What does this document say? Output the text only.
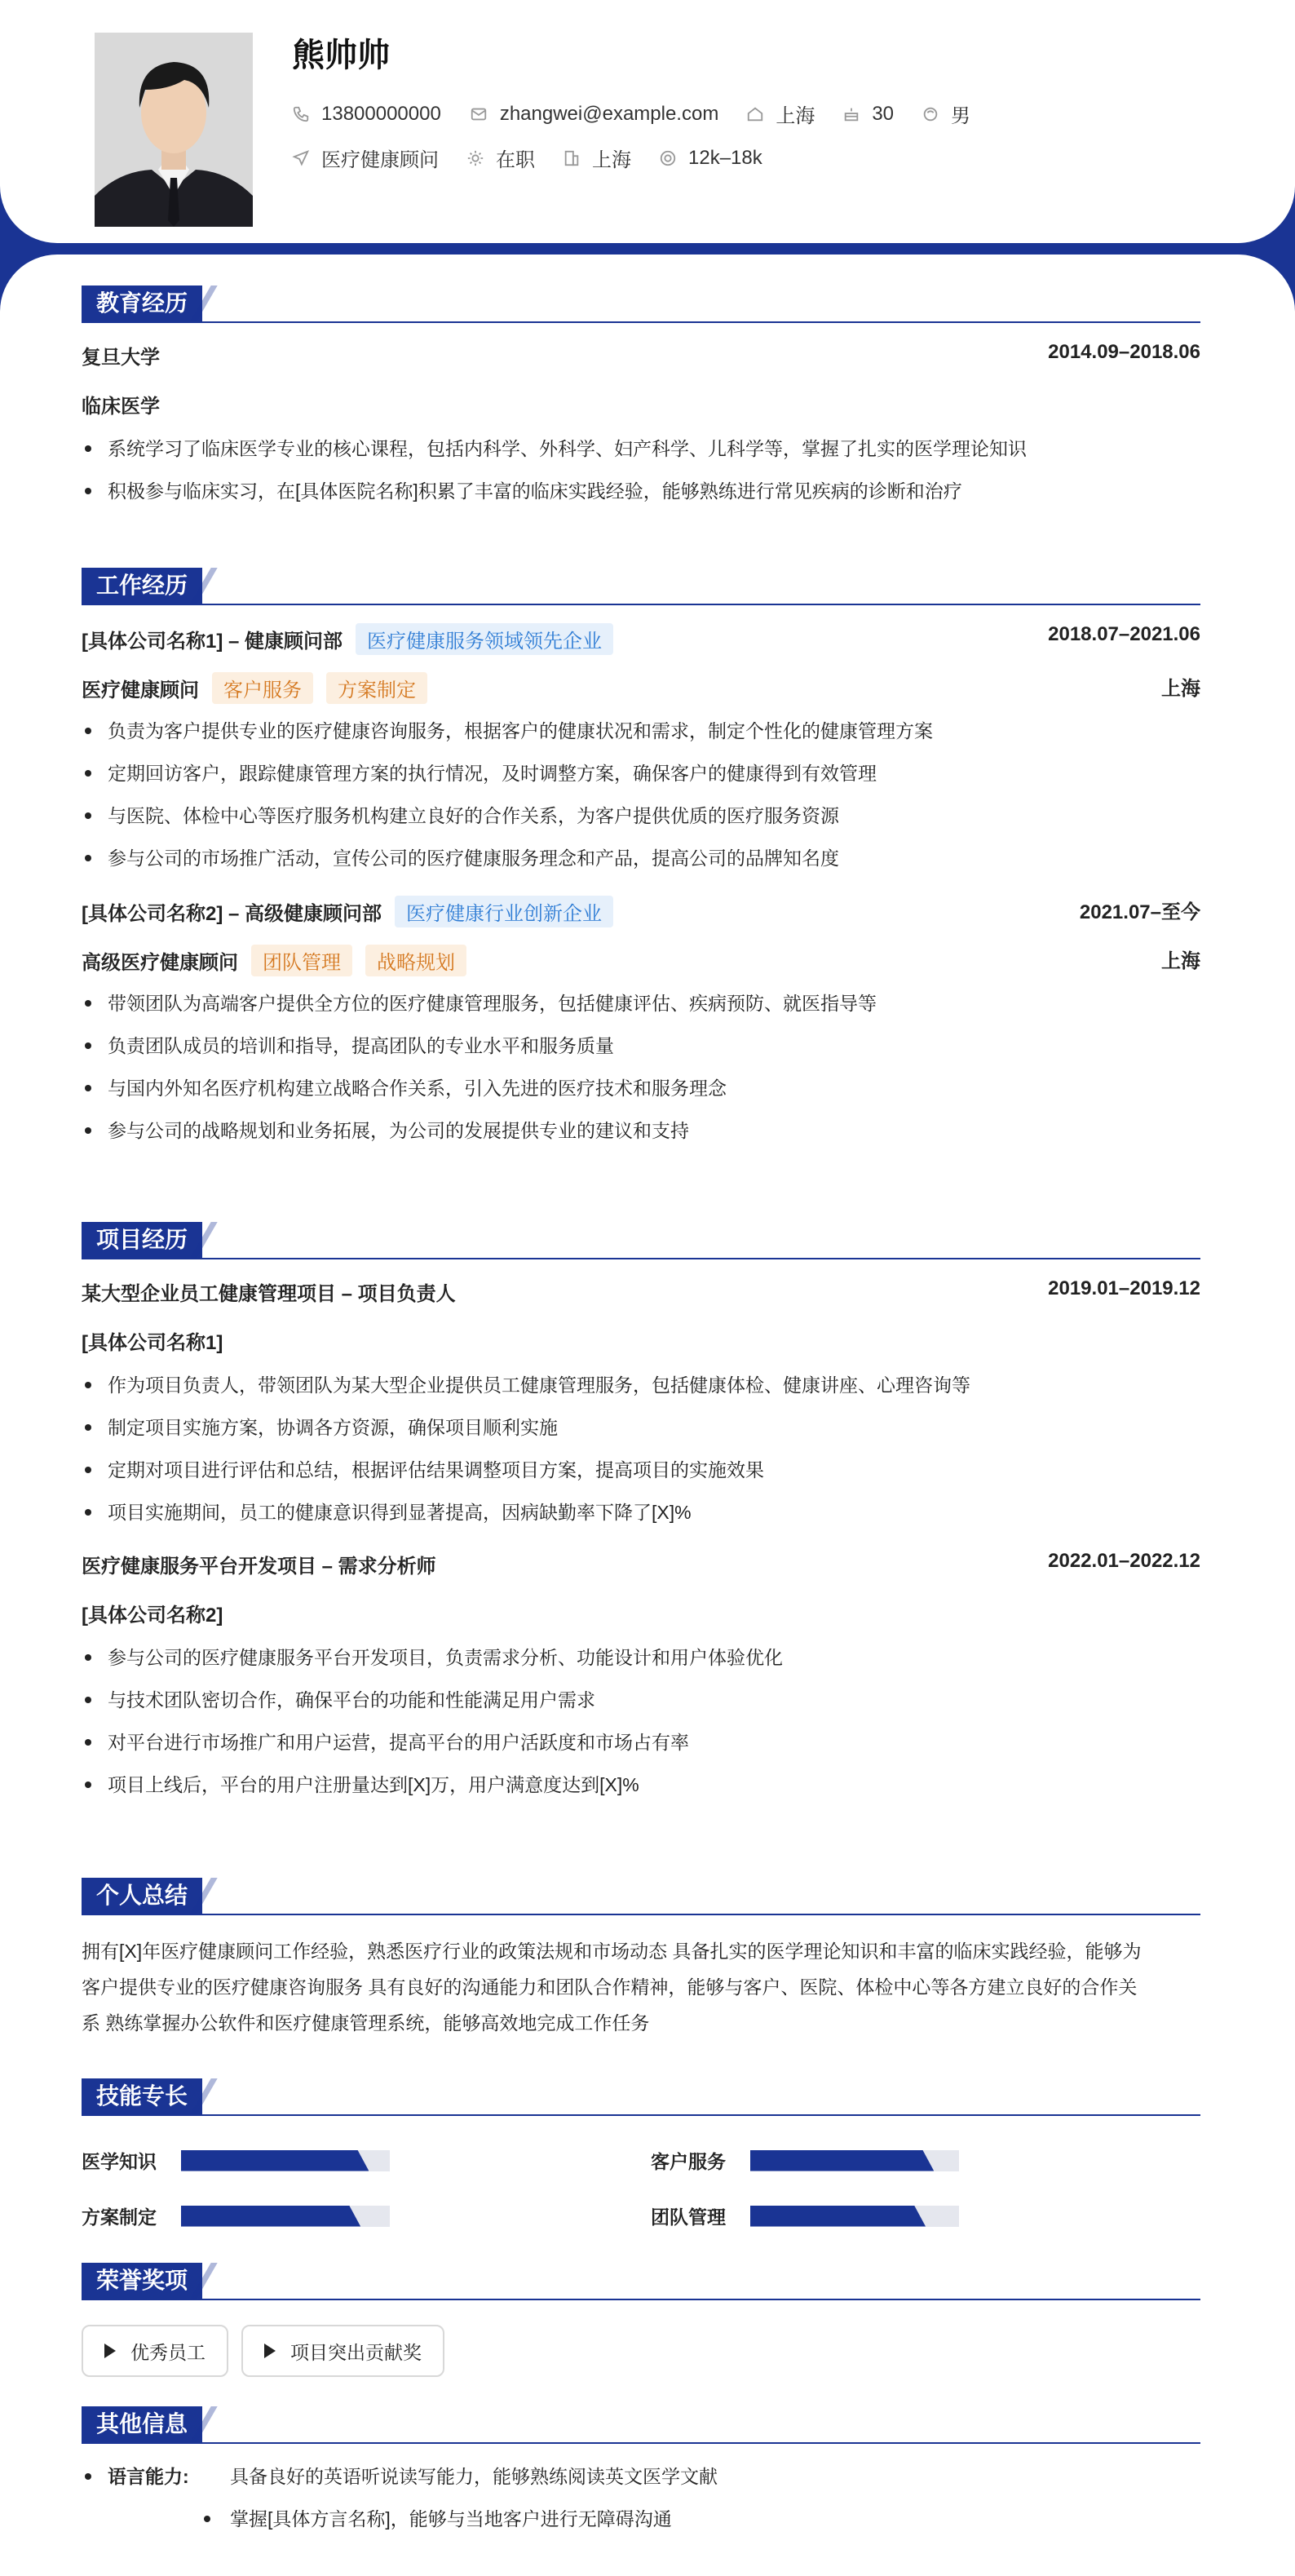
熊帅帅
13800000000	zhangwei@example.com	上海	30	男
医疗健康顾问	在职	上海	12k–18k
教育经历
复旦大学	2014.09–2018.06
临床医学
系统学习了临床医学专业的核心课程，包括内科学、外科学、妇产科学、儿科学等，掌握了扎实的医学理论知识
积极参与临床实习，在[具体医院名称]积累了丰富的临床实践经验，能够熟练进行常见疾病的诊断和治疗
工作经历
[具体公司名称1] – 健康顾问部	医疗健康服务领域领先企业	2018.07–2021.06
医疗健康顾问	客户服务	方案制定	上海
负责为客户提供专业的医疗健康咨询服务，根据客户的健康状况和需求，制定个性化的健康管理方案
定期回访客户，跟踪健康管理方案的执行情况，及时调整方案，确保客户的健康得到有效管理
与医院、体检中心等医疗服务机构建立良好的合作关系，为客户提供优质的医疗服务资源
参与公司的市场推广活动，宣传公司的医疗健康服务理念和产品，提高公司的品牌知名度
[具体公司名称2] – 高级健康顾问部	医疗健康行业创新企业	2021.07–至今
高级医疗健康顾问	团队管理	战略规划	上海
带领团队为高端客户提供全方位的医疗健康管理服务，包括健康评估、疾病预防、就医指导等
负责团队成员的培训和指导，提高团队的专业水平和服务质量
与国内外知名医疗机构建立战略合作关系，引入先进的医疗技术和服务理念
参与公司的战略规划和业务拓展，为公司的发展提供专业的建议和支持
项目经历
某大型企业员工健康管理项目 – 项目负责人	2019.01–2019.12
[具体公司名称1]
作为项目负责人，带领团队为某大型企业提供员工健康管理服务，包括健康体检、健康讲座、心理咨询等
制定项目实施方案，协调各方资源，确保项目顺利实施
定期对项目进行评估和总结，根据评估结果调整项目方案，提高项目的实施效果
项目实施期间，员工的健康意识得到显著提高，因病缺勤率下降了[X]%
医疗健康服务平台开发项目 – 需求分析师	2022.01–2022.12
[具体公司名称2]
参与公司的医疗健康服务平台开发项目，负责需求分析、功能设计和用户体验优化
与技术团队密切合作，确保平台的功能和性能满足用户需求
对平台进行市场推广和用户运营，提高平台的用户活跃度和市场占有率
项目上线后，平台的用户注册量达到[X]万，用户满意度达到[X]%
个人总结
拥有[X]年医疗健康顾问工作经验，熟悉医疗行业的政策法规和市场动态 具备扎实的医学理论知识和丰富的临床实践经验，能够为
客户提供专业的医疗健康咨询服务 具有良好的沟通能力和团队合作精神，能够与客户、医院、体检中心等各方建立良好的合作关
系 熟练掌握办公软件和医疗健康管理系统，能够高效地完成工作任务
技能专长
医学知识	客户服务
方案制定	团队管理
荣誉奖项
优秀员工	项目突出贡献奖
其他信息
语言能力: 具备良好的英语听说读写能力，能够熟练阅读英文医学文献
掌握[具体方言名称]，能够与当地客户进行无障碍沟通
